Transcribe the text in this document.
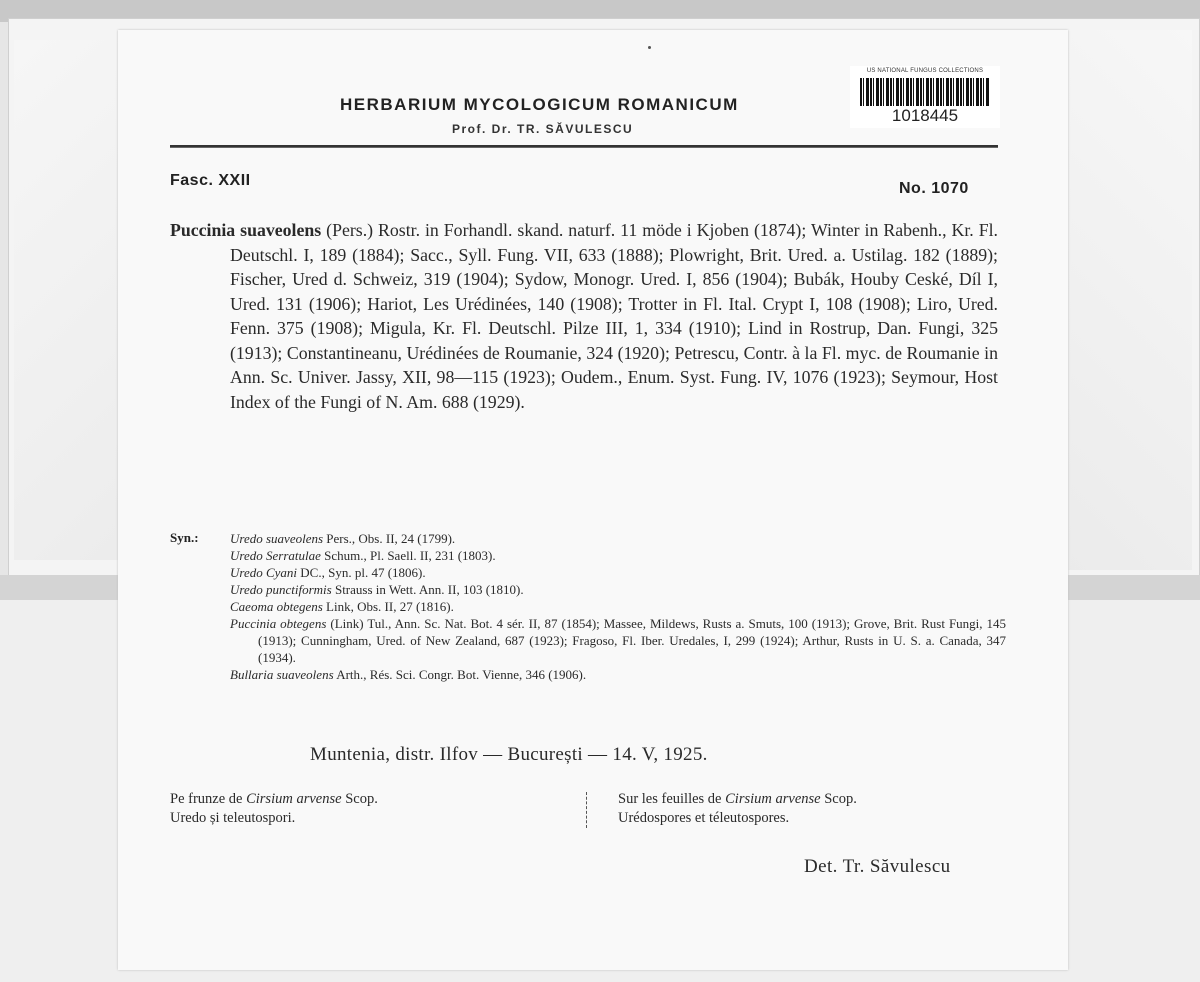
US NATIONAL FUNGUS COLLECTIONS
1018445
HERBARIUM MYCOLOGICUM ROMANICUM
Prof. Dr. TR. SĂVULESCU
Fasc. XXII	No. 1070

Puccinia suaveolens (Pers.) Rostr. in Forhandl. skand. naturf. 11 möde i Kjoben (1874); Winter in Rabenh., Kr. Fl. Deutschl. I, 189 (1884); Sacc., Syll. Fung. VII, 633 (1888); Plowright, Brit. Ured. a. Ustilag. 182 (1889); Fischer, Ured d. Schweiz, 319 (1904); Sydow, Monogr. Ured. I, 856 (1904); Bubák, Houby Ceské, Díl I, Ured. 131 (1906); Hariot, Les Urédinées, 140 (1908); Trotter in Fl. Ital. Crypt I, 108 (1908); Liro, Ured. Fenn. 375 (1908); Migula, Kr. Fl. Deutschl. Pilze III, 1, 334 (1910); Lind in Rostrup, Dan. Fungi, 325 (1913); Constantineanu, Urédinées de Roumanie, 324 (1920); Petrescu, Contr. à la Fl. myc. de Roumanie in Ann. Sc. Univer. Jassy, XII, 98—115 (1923); Oudem., Enum. Syst. Fung. IV, 1076 (1923); Seymour, Host Index of the Fungi of N. Am. 688 (1929).

Syn.: Uredo suaveolens Pers., Obs. II, 24 (1799).

Uredo Serratulae Schum., Pl. Saell. II, 231 (1803).

Uredo Cyani DC., Syn. pl. 47 (1806).

Uredo punctiformis Strauss in Wett. Ann. II, 103 (1810).

Caeoma obtegens Link, Obs. II, 27 (1816).

Puccinia obtegens (Link) Tul., Ann. Sc. Nat. Bot. 4 sér. II, 87 (1854); Massee, Mildews, Rusts a. Smuts, 100 (1913); Grove, Brit. Rust Fungi, 145 (1913); Cunningham, Ured. of New Zealand, 687 (1923); Fragoso, Fl. Iber. Uredales, I, 299 (1924); Arthur, Rusts in U. S. a. Canada, 347 (1934).

Bullaria suaveolens Arth., Rés. Sci. Congr. Bot. Vienne, 346 (1906).

Muntenia, distr. Ilfov — București — 14. V, 1925.
Pe frunze de Cirsium arvense Scop.
Uredo și teleutospori.
Sur les feuilles de Cirsium arvense Scop.
Urédospores et téleutospores.
Det. Tr. Săvulescu
